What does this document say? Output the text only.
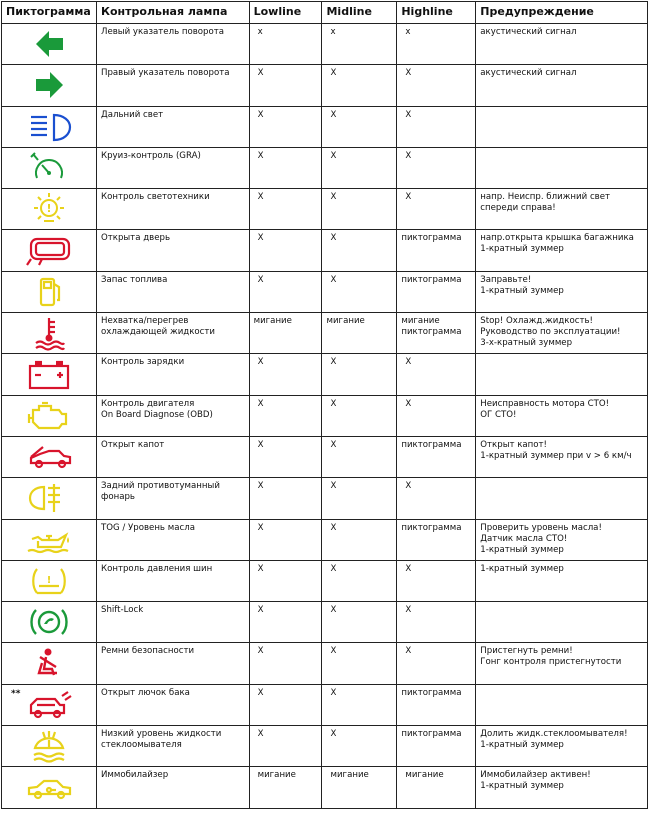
Пиктограмма	Контрольная лампа	Lowline	Midline	Highline	Предупреждение

	Левый указатель поворота	x	x	x	акустический сигнал

	Правый указатель поворота	X	X	X	акустический сигнал

	Дальний свет	X	X	X	

	Круиз-контроль (GRA)	X	X	X	

!	Контроль светотехники	X	X	X	напр. Неиспр. ближний свет
спереди справа!

	Открыта дверь	X	X	пиктограмма	напр.открыта крышка багажника
1-кратный зуммер

	Запас топлива	X	X	пиктограмма	Заправьте!
1-кратный зуммер

	Нехватка/перегрев
охлаждающей жидкости	мигание	мигание	мигание
пиктограмма	Stop! Охлажд.жидкость!
Руководство по эксплуатации!
3-х-кратный зуммер

	Контроль зарядки	X	X	X	

	Контроль двигателя
On Board Diagnose (OBD)	X	X	X	Неисправность мотора СТО!
ОГ СТО!

	Открыт капот	X	X	пиктограмма	Открыт капот!
1-кратный зуммер при v > 6 км/ч

	Задний противотуманный
фонарь	X	X	X	

	TOG / Уровень масла	X	X	пиктограмма	Проверить уровень масла!
Датчик масла СТО!
1-кратный зуммер

!	Контроль давления шин	X	X	X	1-кратный зуммер

	Shift-Lock	X	X	X	

	Ремни безопасности	X	X	X	Пристегнуть ремни!
Гонг контроля пристегнутости

**	Открыт лючок бака	X	X	пиктограмма	

	Низкий уровень жидкости
стеклоомывателя	X	X	пиктограмма	Долить жидк.стеклоомывателя!
1-кратный зуммер

	Иммобилайзер	мигание	мигание	мигание	Иммобилайзер активен!
1-кратный зуммер
